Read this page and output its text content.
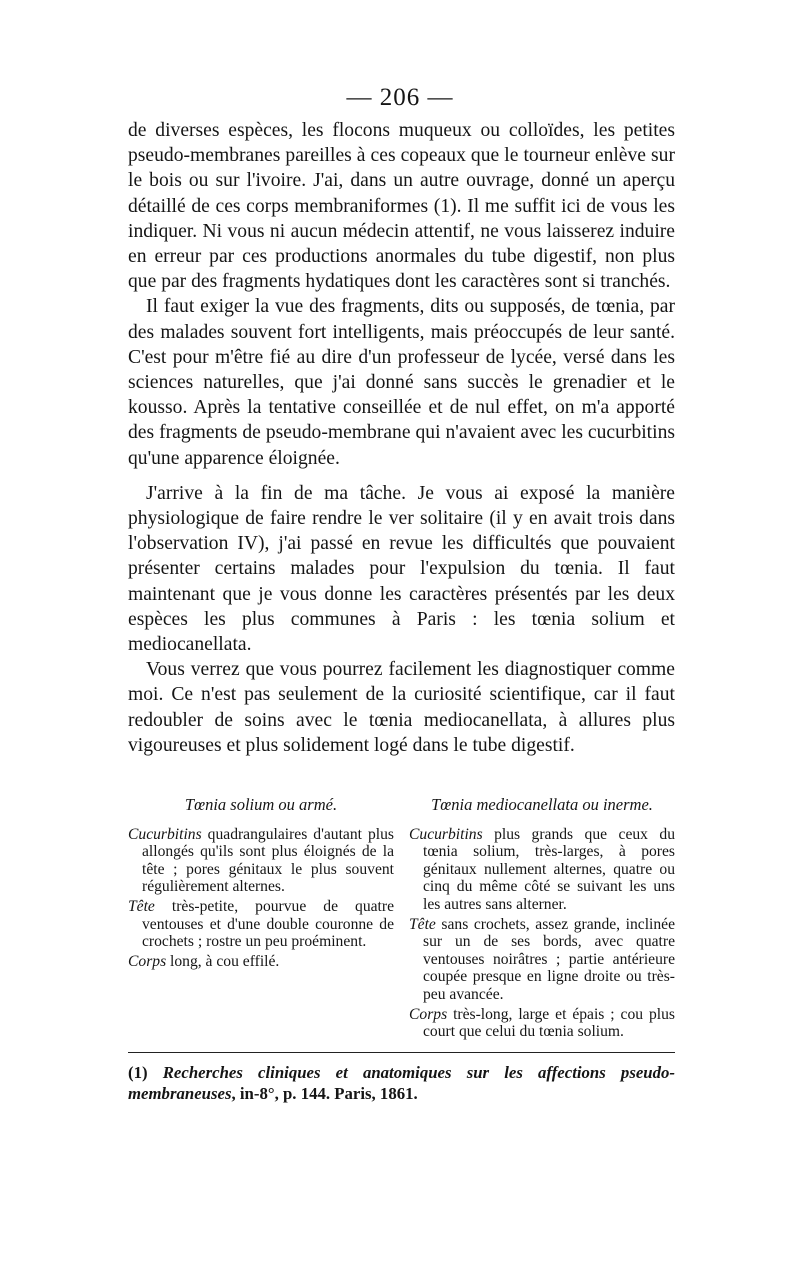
— 206 —

de diverses espèces, les flocons muqueux ou colloïdes, les petites pseudo-membranes pareilles à ces copeaux que le tourneur enlève sur le bois ou sur l'ivoire. J'ai, dans un autre ouvrage, donné un aperçu détaillé de ces corps membraniformes (1). Il me suffit ici de vous les indiquer. Ni vous ni aucun médecin attentif, ne vous laisserez induire en erreur par ces productions anormales du tube digestif, non plus que par des fragments hydatiques dont les caractères sont si tranchés.

Il faut exiger la vue des fragments, dits ou supposés, de tœnia, par des malades souvent fort intelligents, mais préoccupés de leur santé. C'est pour m'être fié au dire d'un professeur de lycée, versé dans les sciences naturelles, que j'ai donné sans succès le grenadier et le kousso. Après la tentative conseillée et de nul effet, on m'a apporté des fragments de pseudo-membrane qui n'avaient avec les cucurbitins qu'une apparence éloignée.

J'arrive à la fin de ma tâche. Je vous ai exposé la manière physiologique de faire rendre le ver solitaire (il y en avait trois dans l'observation IV), j'ai passé en revue les difficultés que pouvaient présenter certains malades pour l'expulsion du tœnia. Il faut maintenant que je vous donne les caractères présentés par les deux espèces les plus communes à Paris : les tœnia solium et mediocanellata.

Vous verrez que vous pourrez facilement les diagnostiquer comme moi. Ce n'est pas seulement de la curiosité scientifique, car il faut redoubler de soins avec le tœnia mediocanellata, à allures plus vigoureuses et plus solidement logé dans le tube digestif.

Tœnia solium ou armé.
Cucurbitins quadrangulaires d'autant plus allongés qu'ils sont plus éloignés de la tête ; pores génitaux le plus souvent régulièrement alternes.
Tête très-petite, pourvue de quatre ventouses et d'une double couronne de crochets ; rostre un peu proéminent.
Corps long, à cou effilé.
Tœnia mediocanellata ou inerme.
Cucurbitins plus grands que ceux du tœnia solium, très-larges, à pores génitaux nullement alternes, quatre ou cinq du même côté se suivant les uns les autres sans alterner.
Tête sans crochets, assez grande, inclinée sur un de ses bords, avec quatre ventouses noirâtres ; partie antérieure coupée presque en ligne droite ou très-peu avancée.
Corps très-long, large et épais ; cou plus court que celui du tœnia solium.
(1) Recherches cliniques et anatomiques sur les affections pseudo-membraneuses, in-8°, p. 144. Paris, 1861.
